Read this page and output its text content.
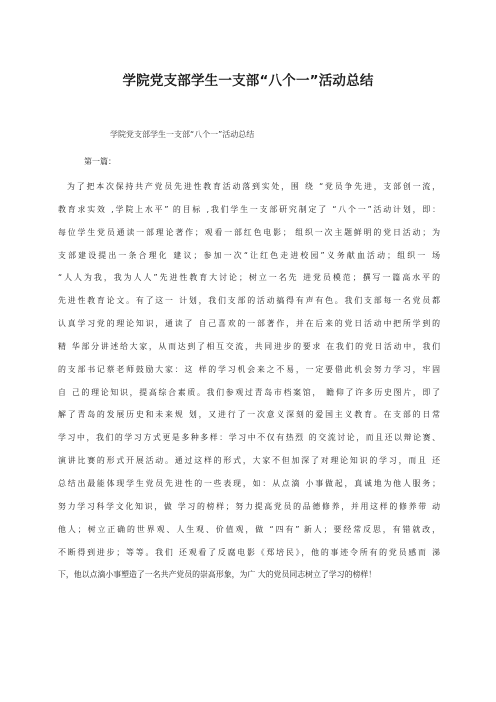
学院党支部学生一支部“八个一”活动总结
学院党支部学生一支部“八个一”活动总结
第一篇：
为了把本次保持共产党员先进性教育活动落到实处，围 绕 “党员争先进，支部创一流，
教育求实效 ,学院上水平” 的目标 ,我们学生一支部研究制定了 “八个一”活动计划，即：
每位学生党员通读一部理论著作；观看一部红色电影； 组织一次主题鲜明的党日活动；为
支部建设提出一条合理化 建议；参加一次“让红色走进校园”义务献血活动；组织一 场
“人人为我，我为人人”先进性教育大讨论；树立一名先 进党员模范；撰写一篇高水平的
先进性教育论文。有了这一 计划，我们支部的活动搞得有声有色。我们支部每一名党员都
认真学习党的理论知识，通读了 自己喜欢的一部著作，并在后来的党日活动中把所学到的
精 华部分讲述给大家，从而达到了相互交流，共同进步的要求 在我们的党日活动中，我们
的支部书记蔡老师鼓励大家：这 样的学习机会来之不易，一定要借此机会努力学习，牢固
自 己的理论知识，提高综合素质。我们参观过青岛市档案馆， 瞻仰了许多历史图片，即了
解了青岛的发展历史和未来规 划，又进行了一次意义深刻的爱国主义教育。在支部的日常
学习中，我们的学习方式更是多种多样：学习中不仅有热烈 的交流讨论，而且还以辩论赛、
演讲比赛的形式开展活动。通过这样的形式，大家不但加深了对理论知识的学习，而且 还
总结出最能体现学生党员先进性的一些表现，如：从点滴 小事做起，真诚地为他人服务；
努力学习科学文化知识，做 学习的榜样；努力提高党员的品德修养，并用这样的修养带 动
他人；树立正确的世界观、人生观、价值观，做 “四有” 新人；要经常反思，有错就改，
不断得到进步；等等。我们 还观看了反腐电影《郑培民》，他的事迹令所有的党员感而 涕
下，他以点滴小事塑造了一名共产党员的崇高形象，为广 大的党员同志树立了学习的榜样！
